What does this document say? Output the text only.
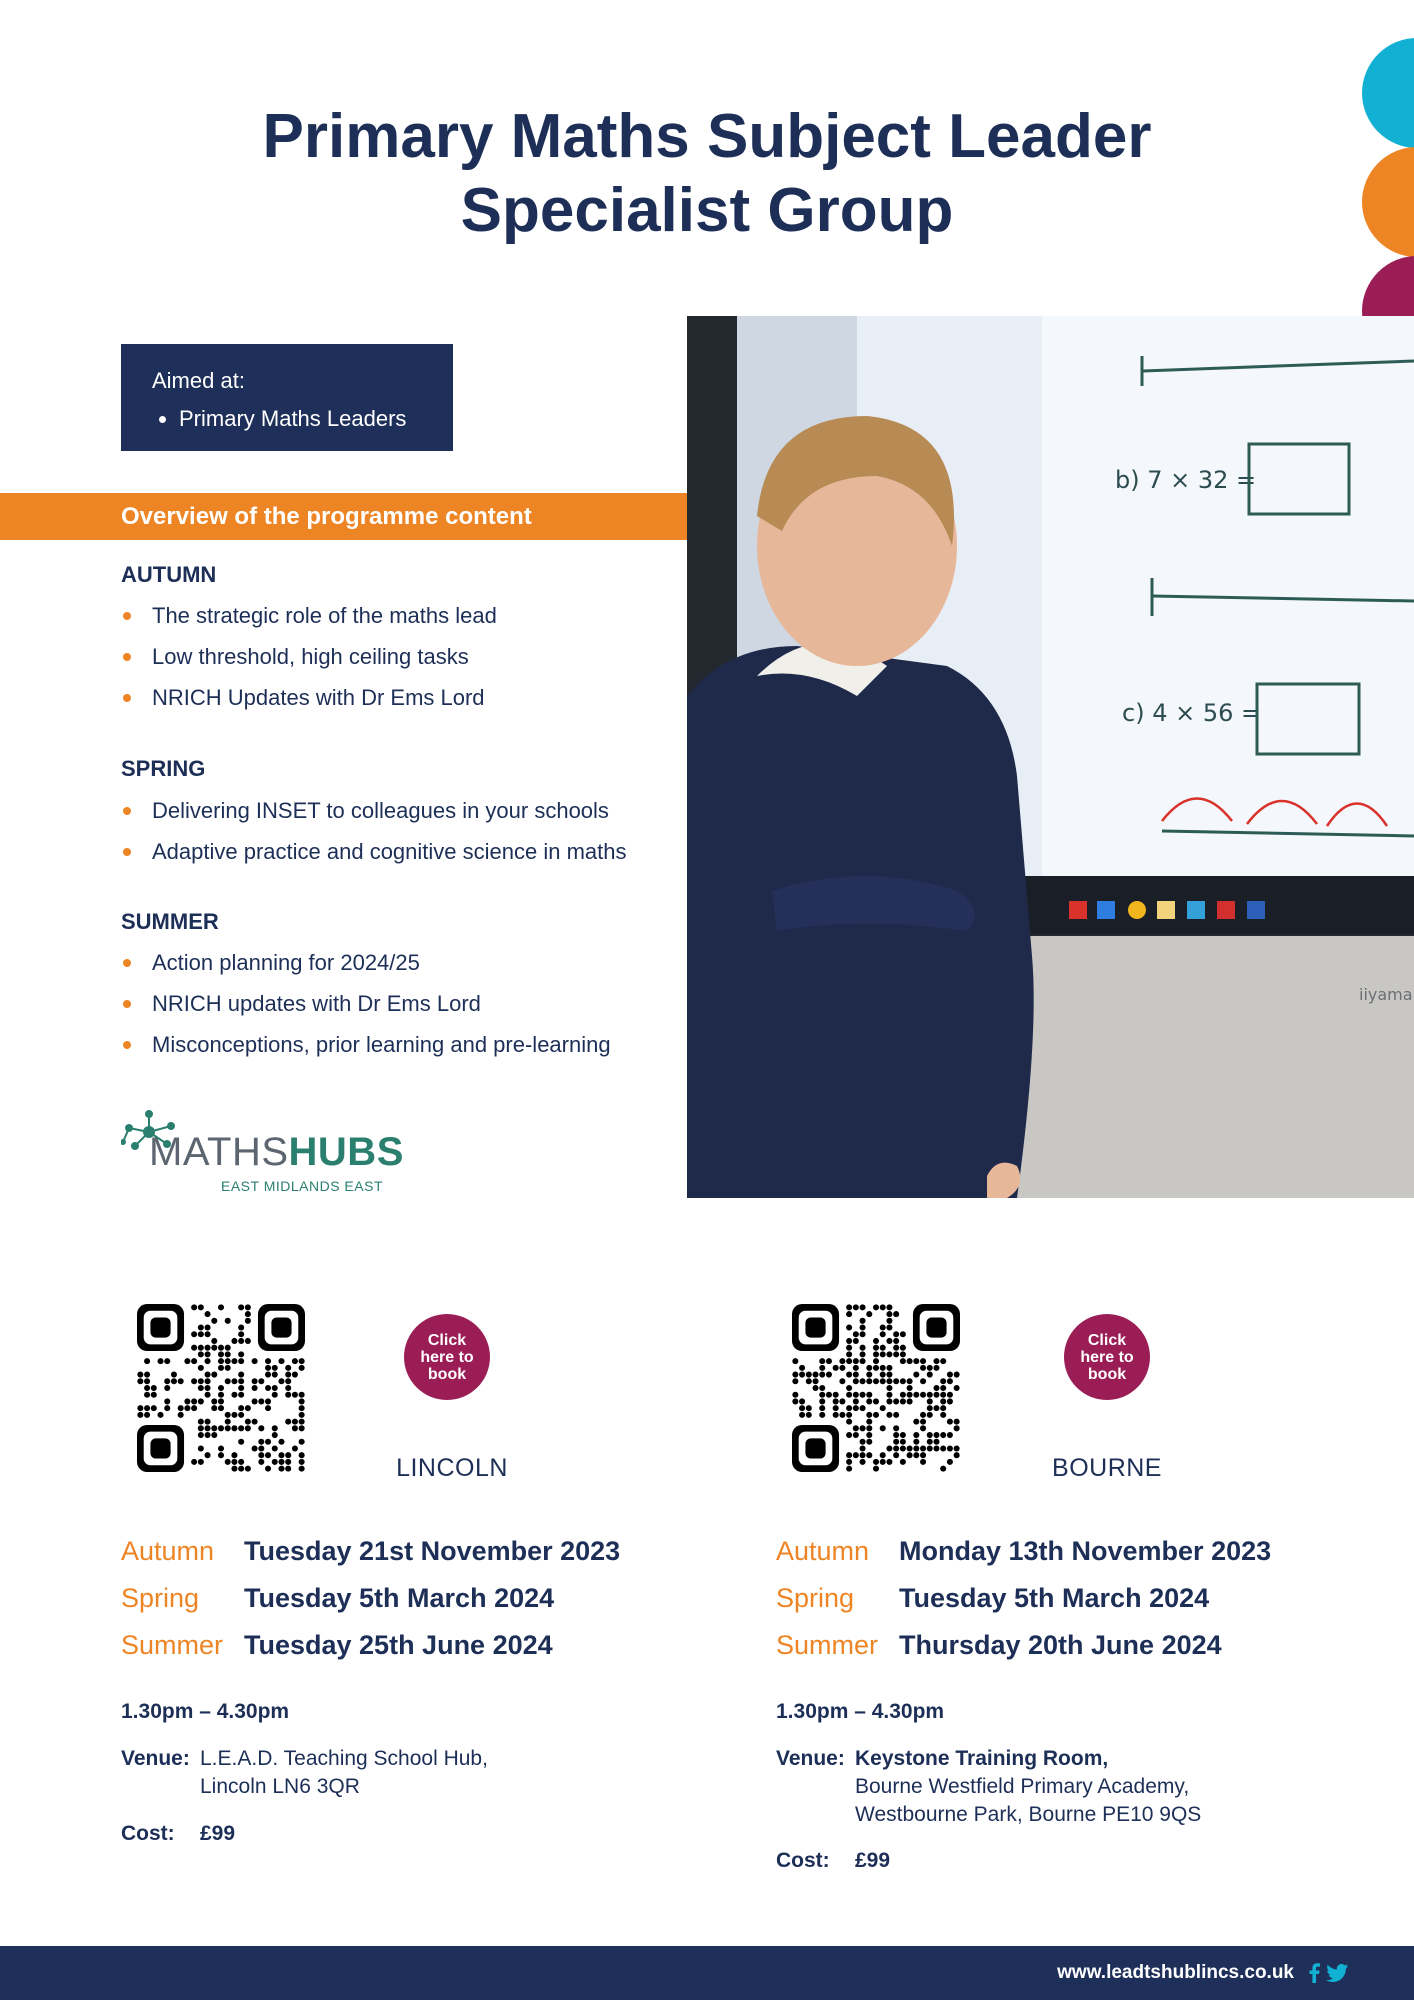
Primary Maths Subject Leader
Specialist Group
Aimed at:
• Primary Maths Leaders
Overview of the programme content
AUTUMN
The strategic role of the maths lead
Low threshold, high ceiling tasks
NRICH Updates with Dr Ems Lord
SPRING
Delivering INSET to colleagues in your schools
Adaptive practice and cognitive science in maths
SUMMER
Action planning for 2024/25
NRICH updates with Dr Ems Lord
Misconceptions, prior learning and pre-learning
b) 7 × 32 =
c) 4 × 56 =
iiyama
MATHSHUBS
EAST MIDLANDS EAST
Click here to book
LINCOLN
Autumn Tuesday 21st November 2023
Spring Tuesday 5th March 2024
Summer Tuesday 25th June 2024
1.30pm – 4.30pm
Venue: L.E.A.D. Teaching School Hub,
Lincoln LN6 3QR
Cost: £99
Click here to book
BOURNE
Autumn Monday 13th November 2023
Spring Tuesday 5th March 2024
Summer Thursday 20th June 2024
1.30pm – 4.30pm
Venue: Keystone Training Room,
Bourne Westfield Primary Academy,
Westbourne Park, Bourne PE10 9QS
Cost: £99
www.leadtshublincs.co.uk
